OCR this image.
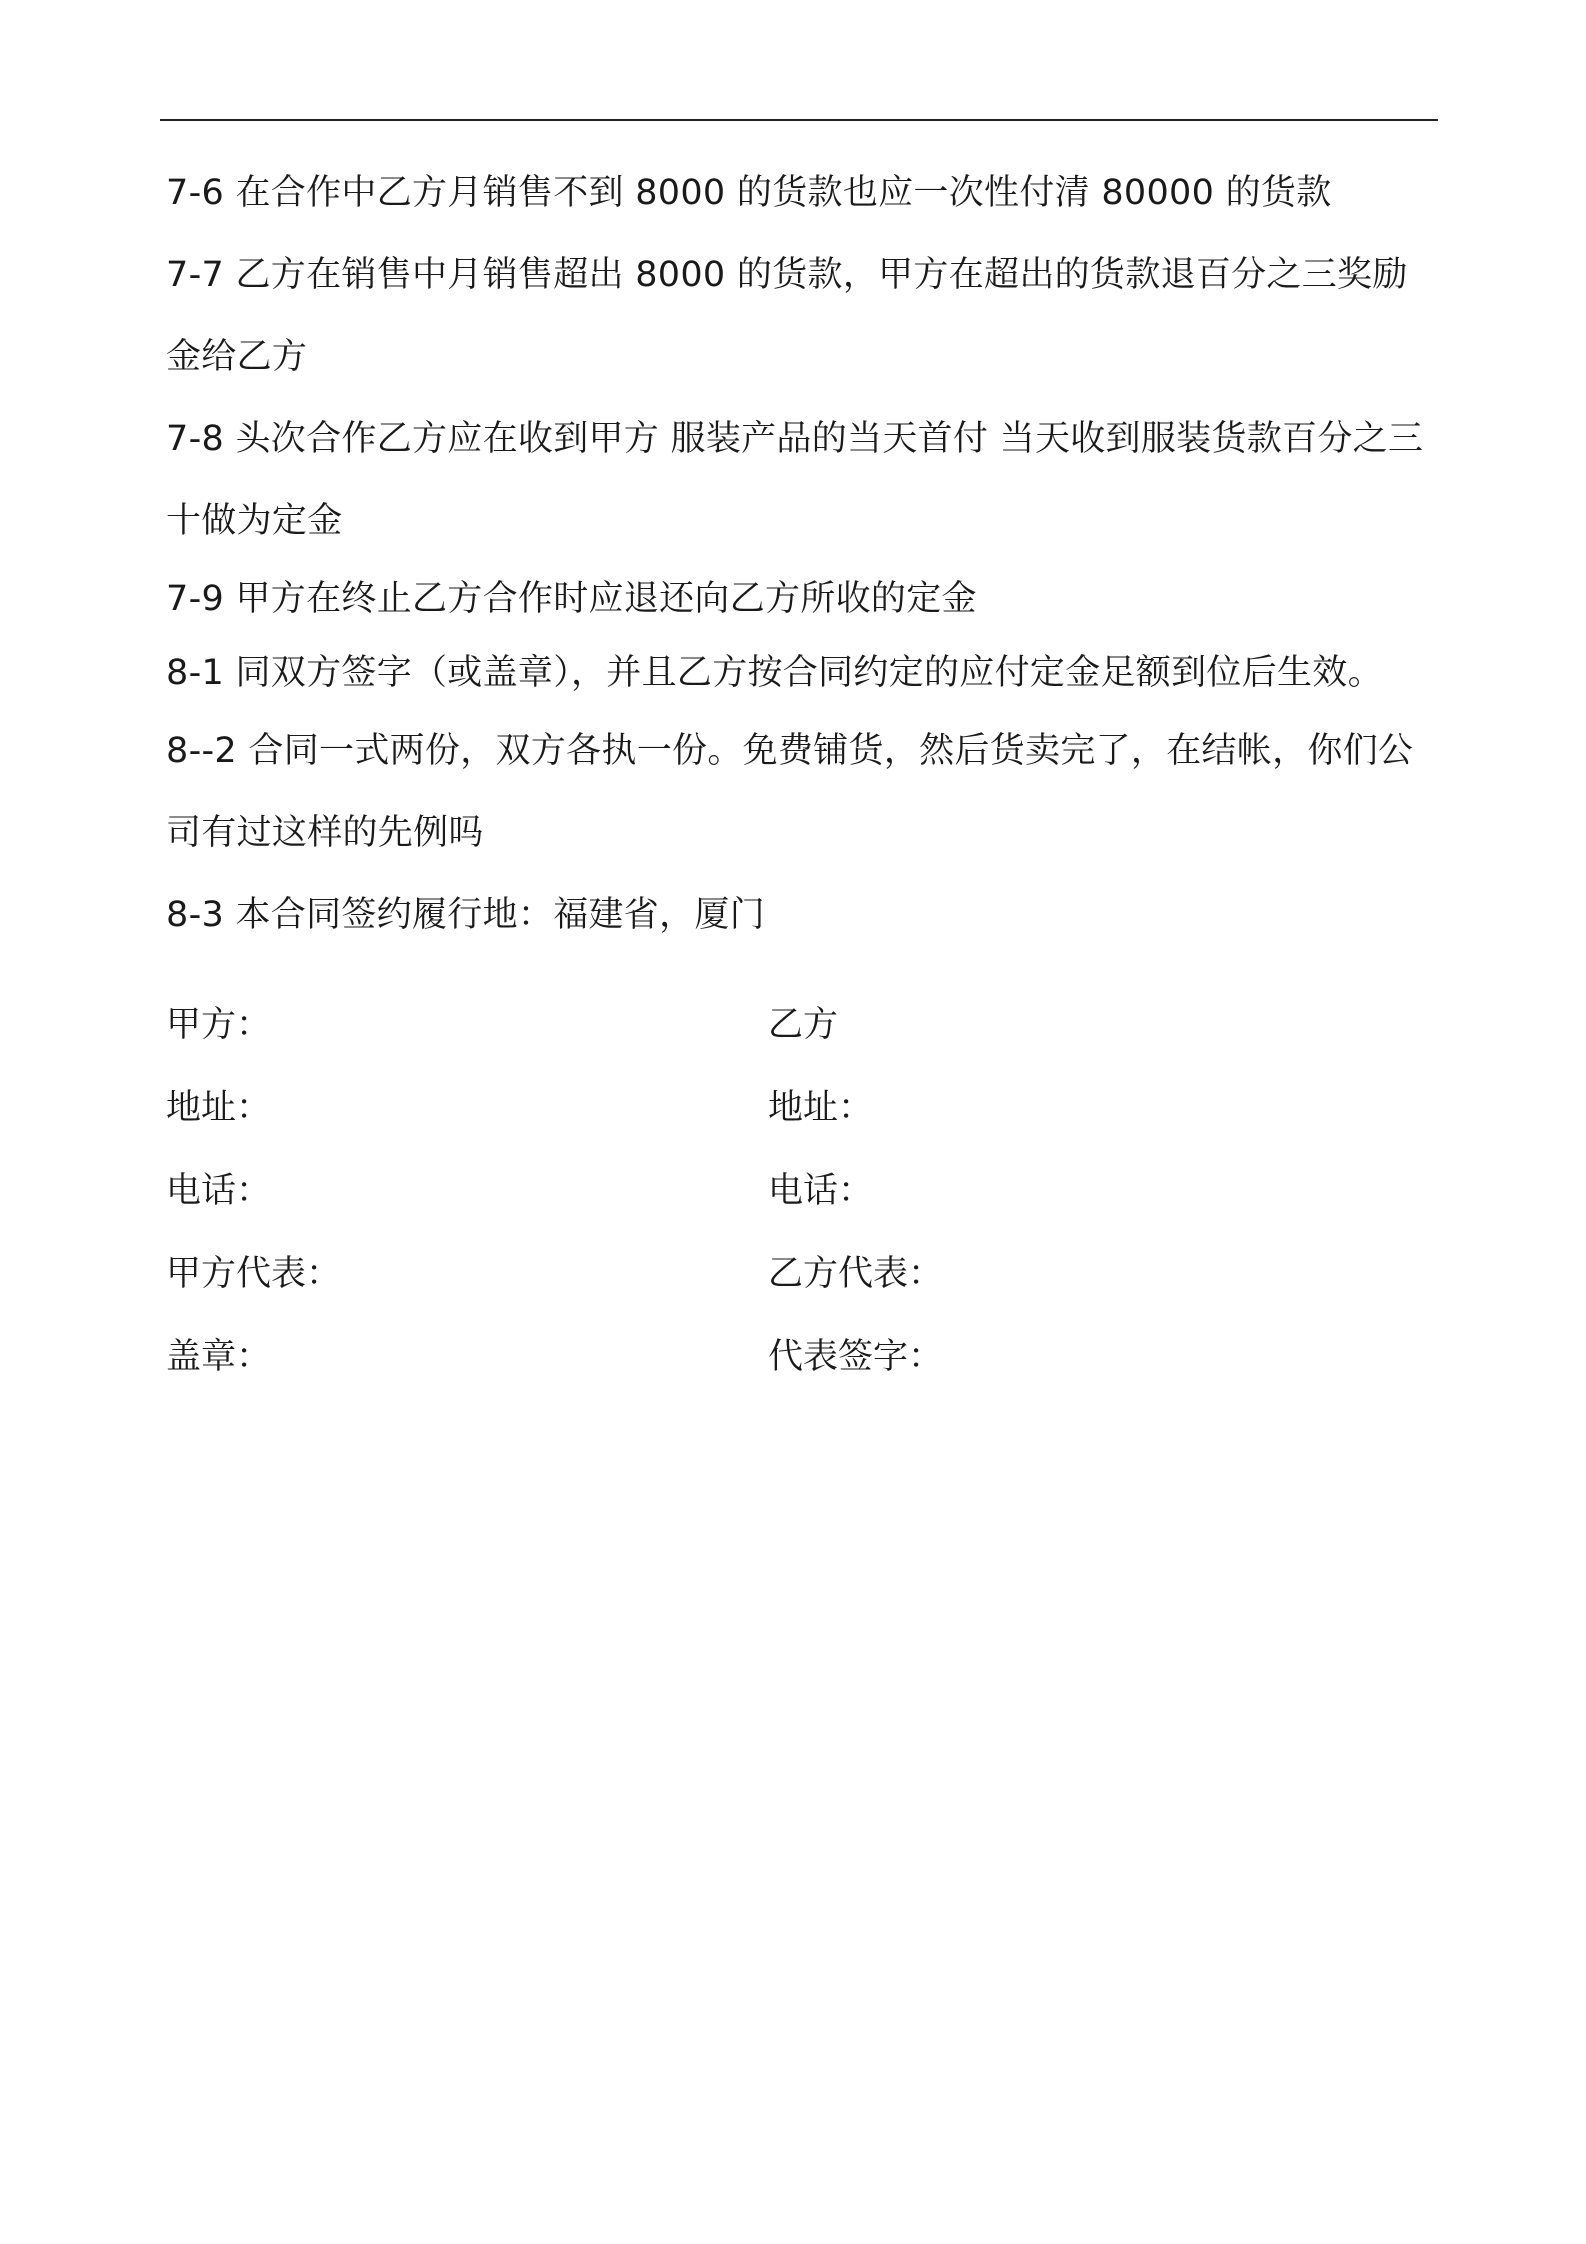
7-6 在合作中乙方月销售不到 8000 的货款也应一次性付清 80000 的货款

7-7 乙方在销售中月销售超出 8000 的货款，甲方在超出的货款退百分之三奖励金给乙方

7-8 头次合作乙方应在收到甲方 服装产品的当天首付 当天收到服装货款百分之三十做为定金

7-9 甲方在终止乙方合作时应退还向乙方所收的定金

8-1 同双方签字（或盖章），并且乙方按合同约定的应付定金足额到位后生效。

8--2 合同一式两份，双方各执一份。免费铺货，然后货卖完了，在结帐，你们公司有过这样的先例吗

8-3 本合同签约履行地：福建省，厦门

甲方：	乙方
地址：	地址：
电话：	电话：
甲方代表：	乙方代表：
盖章：	代表签字：
